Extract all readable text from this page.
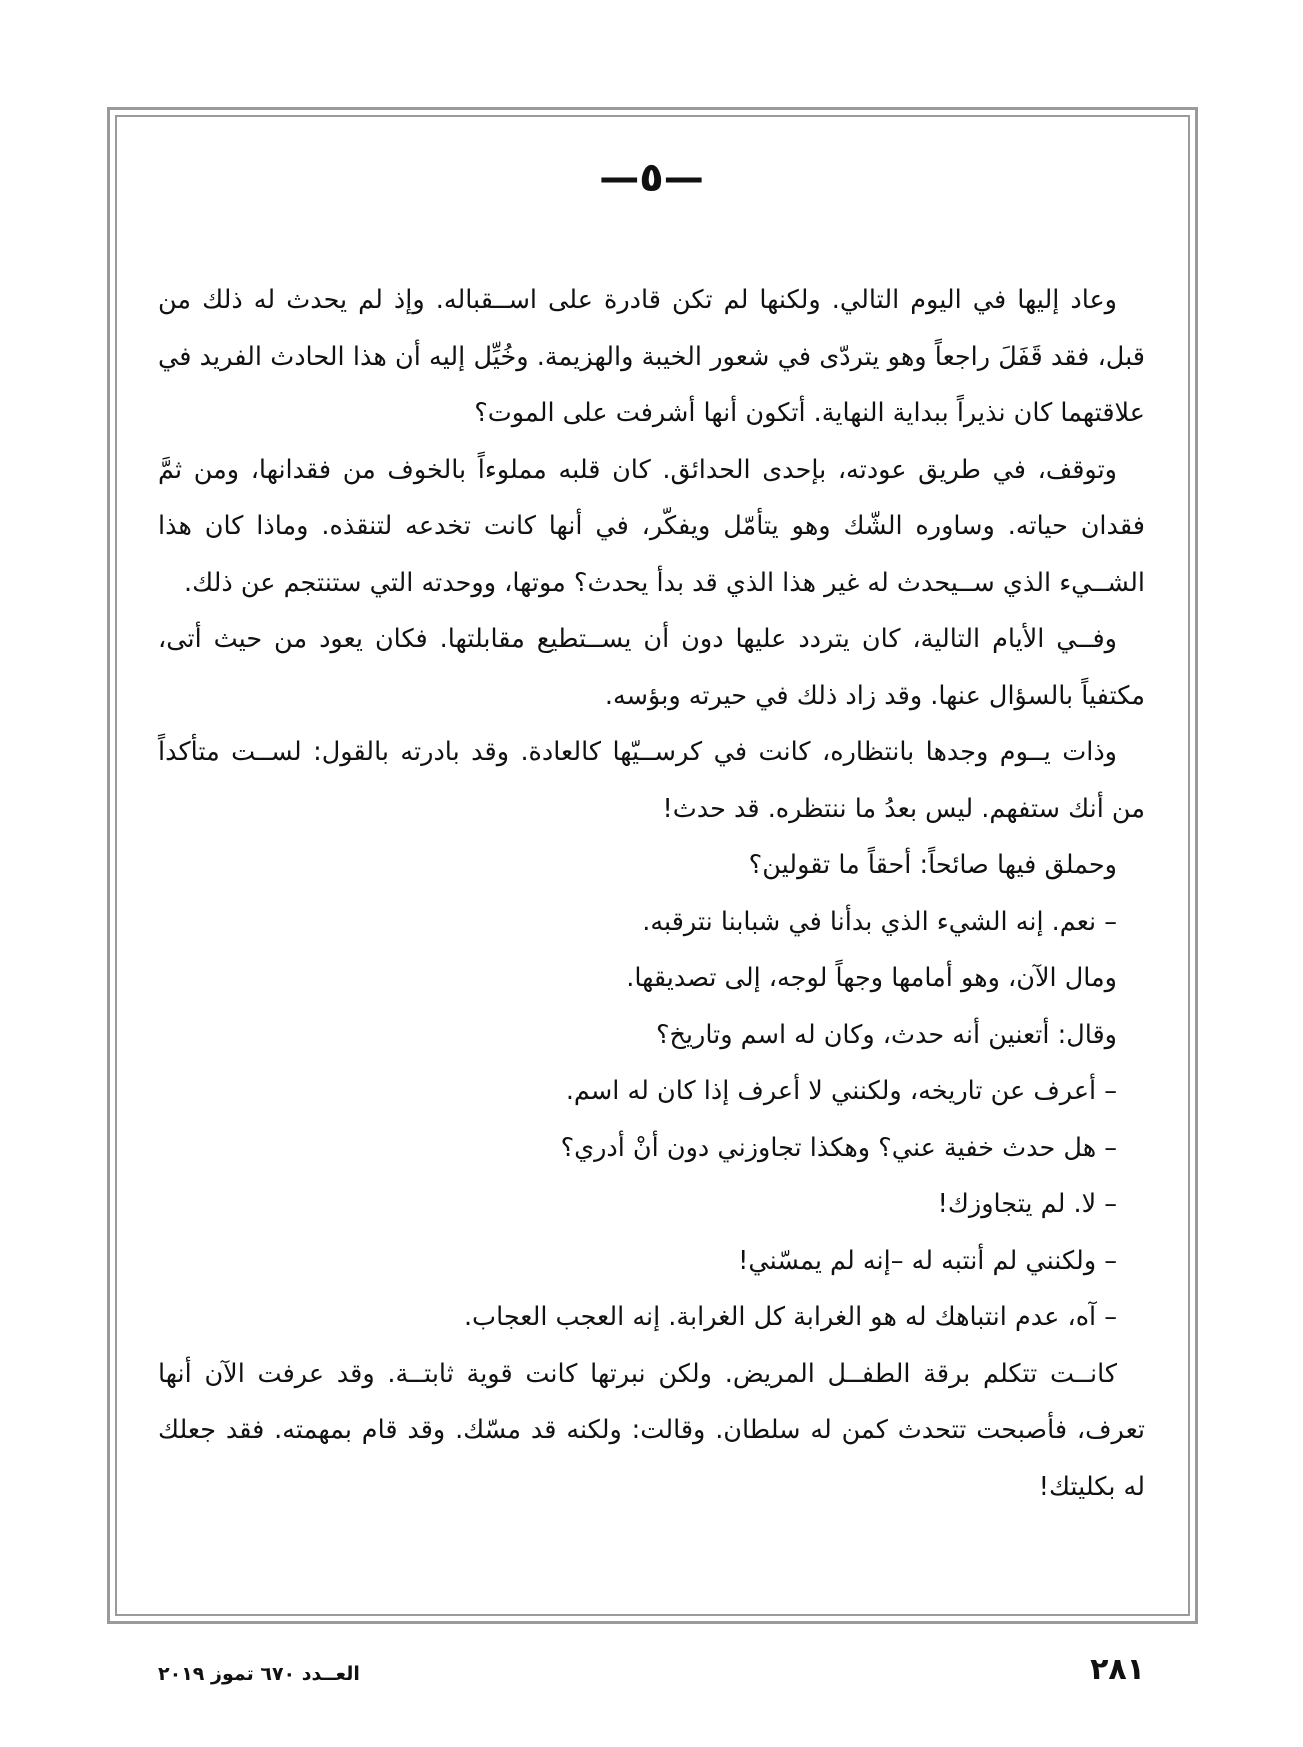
—٥—

وعاد إليها في اليوم التالي. ولكنها لم تكن قادرة على اســقباله. وإذ لم يحدث له ذلك من قبل، فقد قَفَلَ راجعاً وهو يتردّى في شعور الخيبة والهزيمة. وخُيِّل إليه أن هذا الحادث الفريد في علاقتهما كان نذيراً ببداية النهاية. أتكون أنها أشرفت على الموت؟

وتوقف، في طريق عودته، بإحدى الحدائق. كان قلبه مملوءاً بالخوف من فقدانها، ومن ثمَّ فقدان حياته. وساوره الشّك وهو يتأمّل ويفكّر، في أنها كانت تخدعه لتنقذه. وماذا كان هذا الشــيء الذي ســيحدث له غير هذا الذي قد بدأ يحدث؟ موتها، ووحدته التي ستنتجم عن ذلك.

وفــي الأيام التالية، كان يتردد عليها دون أن يســتطيع مقابلتها. فكان يعود من حيث أتى، مكتفياً بالسؤال عنها. وقد زاد ذلك في حيرته وبؤسه.

وذات يــوم وجدها بانتظاره، كانت في كرســيّها كالعادة. وقد بادرته بالقول: لســت متأكداً من أنك ستفهم. ليس بعدُ ما ننتظره. قد حدث!

وحملق فيها صائحاً: أحقاً ما تقولين؟

– نعم. إنه الشيء الذي بدأنا في شبابنا نترقبه.

ومال الآن، وهو أمامها وجهاً لوجه، إلى تصديقها.

وقال: أتعنين أنه حدث، وكان له اسم وتاريخ؟

– أعرف عن تاريخه، ولكنني لا أعرف إذا كان له اسم.

– هل حدث خفية عني؟ وهكذا تجاوزني دون أنْ أدري؟

– لا. لم يتجاوزك!

– ولكنني لم أنتبه له –إنه لم يمسّني!

– آه، عدم انتباهك له هو الغرابة كل الغرابة. إنه العجب العجاب.

كانــت تتكلم برقة الطفــل المريض. ولكن نبرتها كانت قوية ثابتــة. وقد عرفت الآن أنها تعرف، فأصبحت تتحدث كمن له سلطان. وقالت: ولكنه قد مسّك. وقد قام بمهمته. فقد جعلك له بكليتك!

٢٨١
العــدد ٦٧٠ تموز ٢٠١٩
